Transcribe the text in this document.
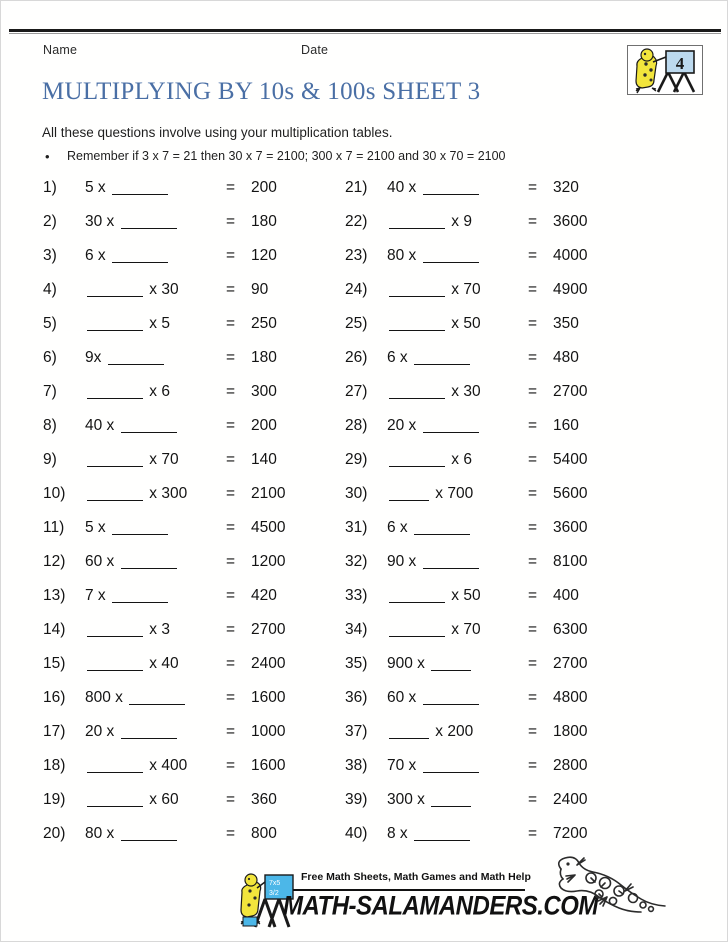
Name	Date
4
MULTIPLYING BY 10s & 100s SHEET 3
All these questions involve using your multiplication tables.
•	Remember if 3 x 7 = 21 then 30 x 7 = 2100; 300 x 7 = 2100 and 30 x 70 = 2100
1)	5 x	= 200
2)	30 x	= 180
3)	6 x	= 120
4)	x 30	= 90
5)	x 5	= 250
6)	9x	= 180
7)	x 6	= 300
8)	40 x	= 200
9)	x 70	= 140
10)	x 300	= 2100
11)	5 x	= 4500
12)	60 x	= 1200
13)	7 x	= 420
14)	x 3	= 2700
15)	x 40	= 2400
16)	800 x	= 1600
17)	20 x	= 1000
18)	x 400	= 1600
19)	x 60	= 360
20)	80 x	= 800
21)	40 x	= 320
22)	x 9	= 3600
23)	80 x	= 4000
24)	x 70	= 4900
25)	x 50	= 350
26)	6 x	= 480
27)	x 30	= 2700
28)	20 x	= 160
29)	x 6	= 5400
30)	x 700	= 5600
31)	6 x	= 3600
32)	90 x	= 8100
33)	x 50	= 400
34)	x 70	= 6300
35)	900 x	= 2700
36)	60 x	= 4800
37)	x 200	= 1800
38)	70 x	= 2800
39)	300 x	= 2400
40)	8 x	= 7200
7x5
3/2
Free Math Sheets, Math Games and Math Help
MATH-SALAMANDERS.COM
